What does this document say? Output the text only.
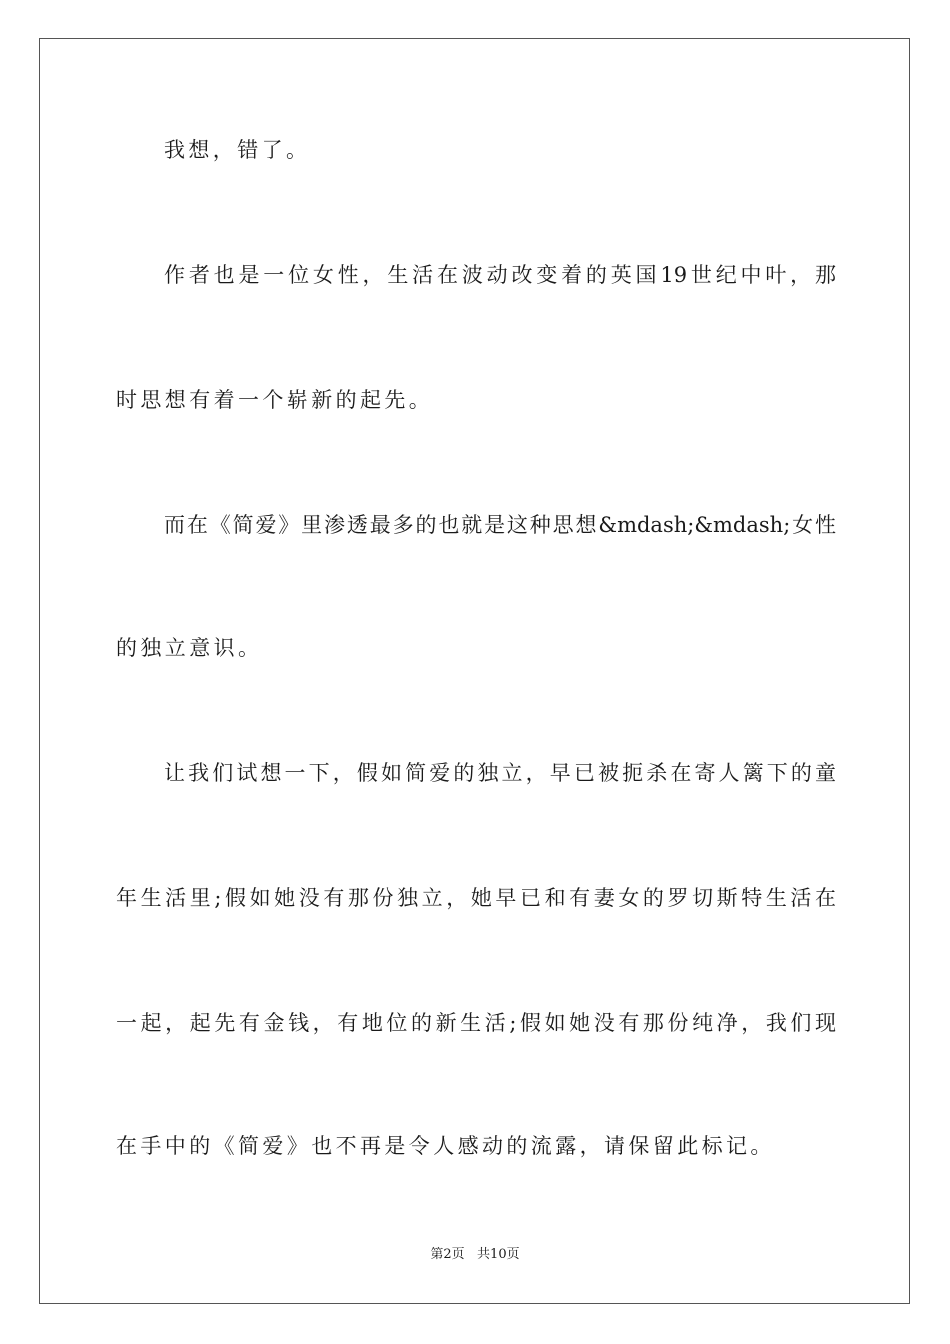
我想，错了。
作者也是一位女性，生活在波动改变着的英国19世纪中叶，那
时思想有着一个崭新的起先。
而在《简爱》里渗透最多的也就是这种思想&mdash;&mdash;女性
的独立意识。
让我们试想一下，假如简爱的独立，早已被扼杀在寄人篱下的童
年生活里;假如她没有那份独立，她早已和有妻女的罗切斯特生活在
一起，起先有金钱，有地位的新生活;假如她没有那份纯净，我们现
在手中的《简爱》也不再是令人感动的流露，请保留此标记。
第2页   共10页
